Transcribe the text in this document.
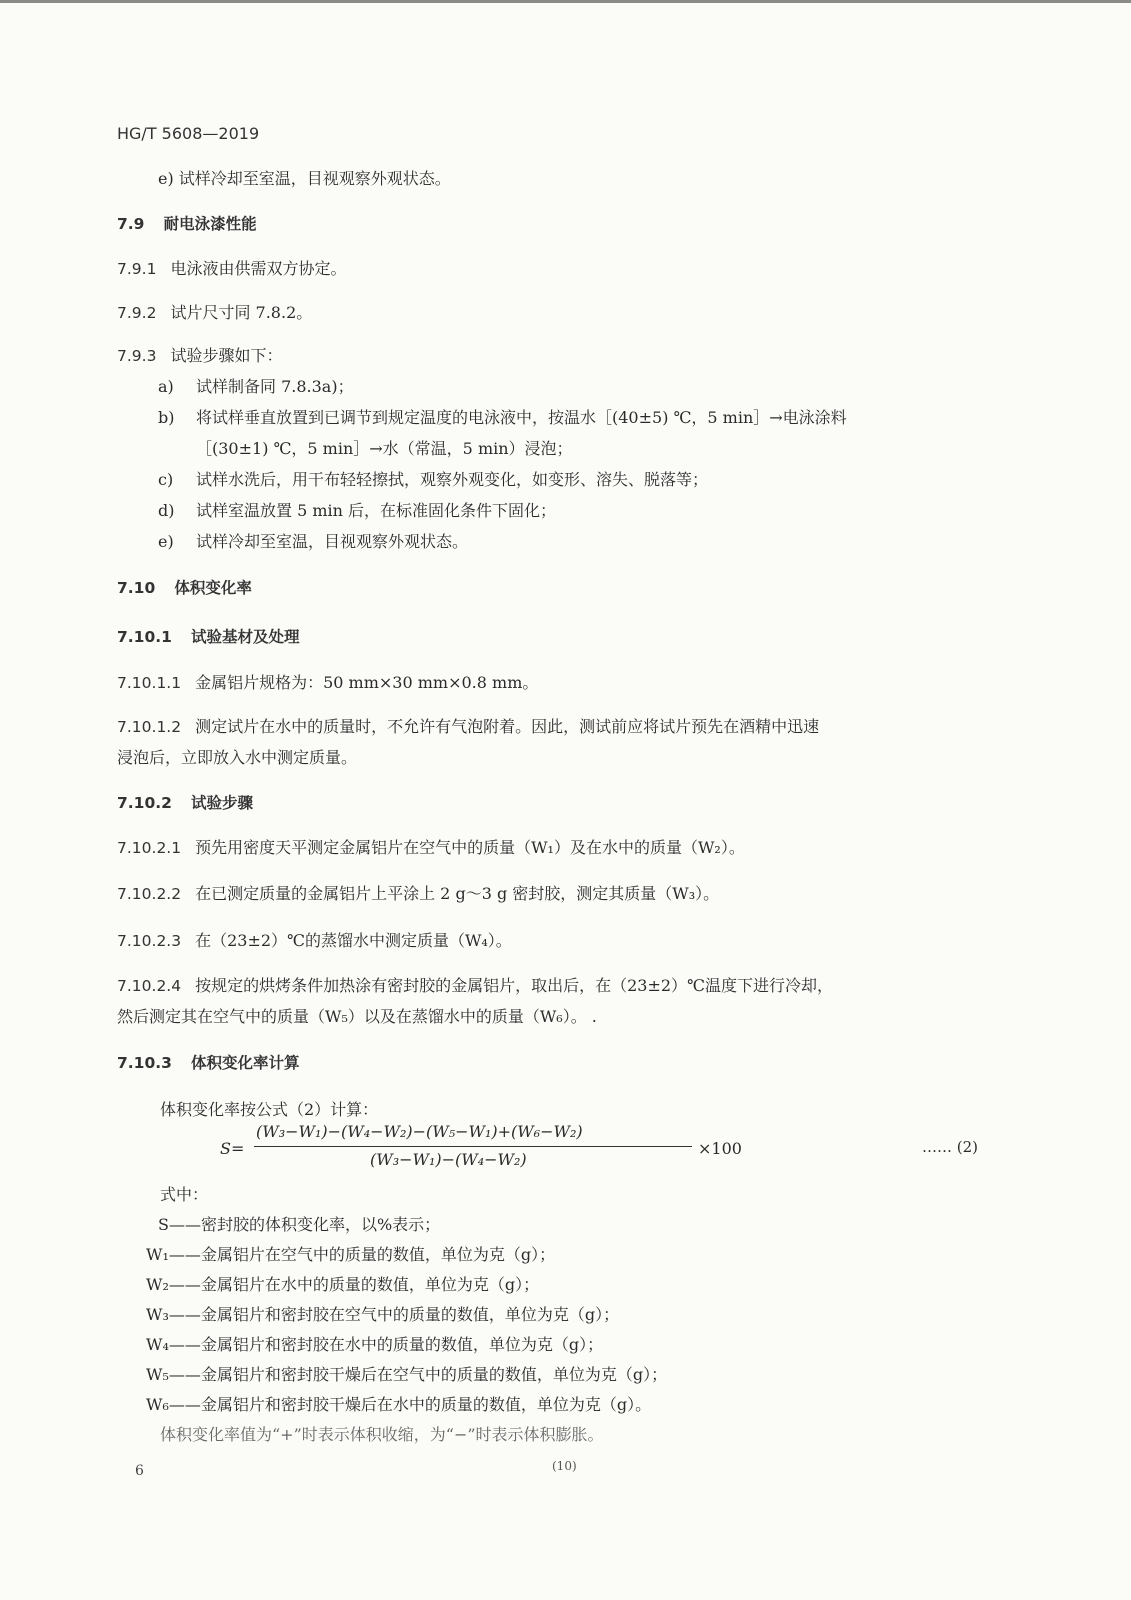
HG/T 5608—2019
e) 试样冷却至室温，目视观察外观状态。
7.9 耐电泳漆性能
7.9.1 电泳液由供需双方协定。
7.9.2 试片尺寸同 7.8.2。
7.9.3 试验步骤如下：
a) 试样制备同 7.8.3a)；
b) 将试样垂直放置到已调节到规定温度的电泳液中，按温水［(40±5) ℃，5 min］→电泳涂料
［(30±1) ℃，5 min］→水（常温，5 min）浸泡；
c) 试样水洗后，用干布轻轻擦拭，观察外观变化，如变形、溶失、脱落等；
d) 试样室温放置 5 min 后，在标准固化条件下固化；
e) 试样冷却至室温，目视观察外观状态。
7.10 体积变化率
7.10.1 试验基材及处理
7.10.1.1 金属铝片规格为：50 mm×30 mm×0.8 mm。
7.10.1.2 测定试片在水中的质量时，不允许有气泡附着。因此，测试前应将试片预先在酒精中迅速
浸泡后，立即放入水中测定质量。
7.10.2 试验步骤
7.10.2.1 预先用密度天平测定金属铝片在空气中的质量（W₁）及在水中的质量（W₂）。
7.10.2.2 在已测定质量的金属铝片上平涂上 2 g～3 g 密封胶，测定其质量（W₃）。
7.10.2.3 在（23±2）℃的蒸馏水中测定质量（W₄）。
7.10.2.4 按规定的烘烤条件加热涂有密封胶的金属铝片，取出后，在（23±2）℃温度下进行冷却，
然后测定其在空气中的质量（W₅）以及在蒸馏水中的质量（W₆）。 .
7.10.3 体积变化率计算
体积变化率按公式（2）计算：
S=
(W₃−W₁)−(W₄−W₂)−(W₅−W₁)+(W₆−W₂)
(W₃−W₁)−(W₄−W₂)
×100	…… (2)
式中：
S——密封胶的体积变化率，以%表示；
W₁——金属铝片在空气中的质量的数值，单位为克（g）；
W₂——金属铝片在水中的质量的数值，单位为克（g）；
W₃——金属铝片和密封胶在空气中的质量的数值，单位为克（g）；
W₄——金属铝片和密封胶在水中的质量的数值，单位为克（g）；
W₅——金属铝片和密封胶干燥后在空气中的质量的数值，单位为克（g）；
W₆——金属铝片和密封胶干燥后在水中的质量的数值，单位为克（g）。
体积变化率值为“+”时表示体积收缩，为“−”时表示体积膨胀。
6	(10)
